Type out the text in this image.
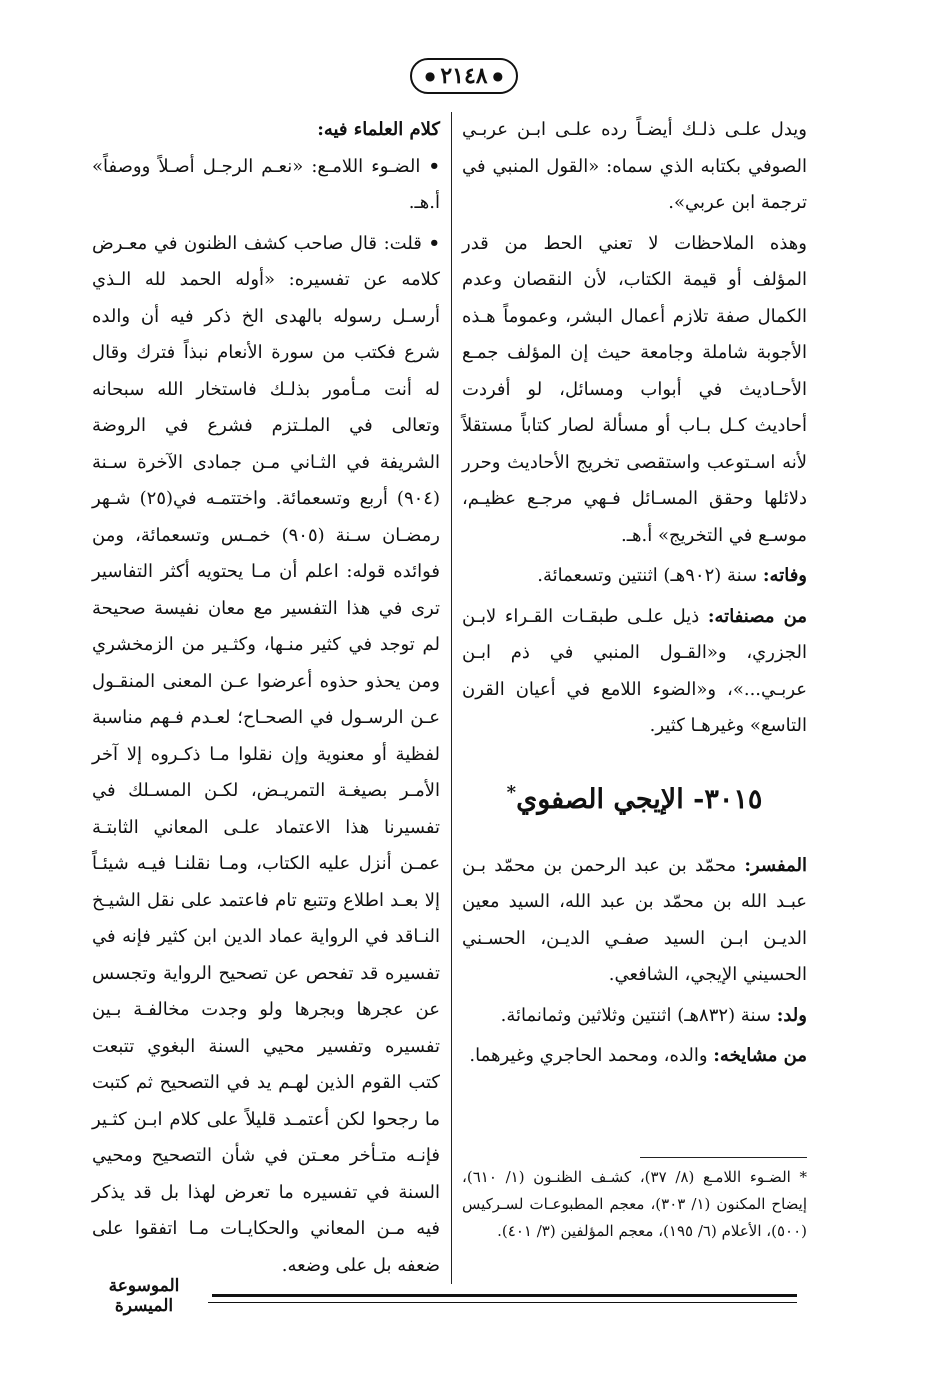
● ٢١٤٨ ●

ويدل علـى ذلـك أيضـاً رده علـى ابـن عربـي الصوفي بكتابه الذي سماه: «القول المنبي في ترجمة ابن عربي».

وهذه الملاحظات لا تعني الحط من قدر المؤلف أو قيمة الكتاب، لأن النقصان وعدم الكمال صفة تلازم أعمال البشر، وعموماً هـذه الأجوبة شاملة وجامعة حيث إن المؤلف جمـع الأحـاديث في أبواب ومسائل، لو أفردت أحاديث كـل بـاب أو مسألة لصار كتاباً مستقلاً لأنه اسـتوعب واستقصى تخريج الأحاديث وحرر دلائلها وحقق المسـائل فـهي مرجـع عظيـم، موسـع في التخريج» أ.هـ.

وفاته: سنة (٩٠٢هـ) اثنتين وتسعمائة.

من مصنفاته: ذيل علـى طبقـات القـراء لابـن الجزري، و«القـول المنبي في ذم ابـن عربـي...»، و«الضوء اللامع في أعيان القرن التاسع» وغيرهـا كثير.

٣٠١٥- الإيجي الصفوي*

المفسر: محمّد بن عبد الرحمن بن محمّد بـن عبـد الله بن محمّد بن عبد الله، السيد معين الديـن ابـن السيد صفـي الديـن، الحسـني الحسيني الإيجي، الشافعي.

ولد: سنة (٨٣٢هـ) اثنتين وثلاثين وثمانمائة.

من مشايخه: والده، ومحمد الحاجري وغيرهما.

كلام العلماء فيه:

• الضـوء اللامـع: «نعـم الرجـل أصـلاً ووصفاً» أ.هـ.

• قلت: قال صاحب كشف الظنون في معـرض كلامه عن تفسيره: «أوله الحمد لله الـذي أرسـل رسوله بالهدى الخ ذكر فيه أن والده شرع فكتب من سورة الأنعام نبذاً فترك وقال له أنت مـأمور بذلـك فاستخار الله سبحانه وتعالى في الملـتزم فشرع في الروضة الشريفة في الثـاني مـن جمادى الآخرة سـنة (٩٠٤) أربع وتسعمائة. واختتمـه في(٢٥) شـهر رمضـان سـنة (٩٠٥) خمـس وتسعمائة، ومن فوائده قوله: اعلم أن مـا يحتويه أكثر التفاسير ترى في هذا التفسير مع معان نفيسة صحيحة لم توجد في كثير منـها، وكثـير من الزمخشري ومن يحذو حذوه أعرضوا عـن المعنى المنقـول عـن الرسـول في الصحـاح؛ لعـدم فـهم مناسبة لفظية أو معنوية وإن نقلوا مـا ذكـروه إلا آخر الأمـر بصيغـة التمريـض، لكـن المسـلك في تفسيرنا هذا الاعتماد علـى المعاني الثابتـة عمـن أنزل عليه الكتاب، ومـا نقلنـا فيـه شيئـاً إلا بعـد اطلاع وتتبع تام فاعتمد على نقل الشيـخ النـاقد في الرواية عماد الدين ابن كثير فإنه في تفسيره قد تفحص عن تصحيح الرواية وتجسس عن عجرها وبجرها ولو وجدت مخالفـة بـين تفسيره وتفسير محيي السنة البغوي تتبعت كتب القوم الذين لهـم يد في التصحيح ثم كتبت ما رجحوا لكن أعتمـد قليلاً على كلام ابـن كثـير فإنـه متـأخر معـتن في شأن التصحيح ومحيي السنة في تفسيره ما تعرض لهذا بل قد يذكر فيه مـن المعاني والحكايـات مـا اتفقوا على ضعفه بل على وضعه.

* الضـوء اللامـع (٨/ ٣٧)، كشـف الظنـون (١/ ٦١٠)، إيضاح المكنون (١/ ٣٠٣)، معجم المطبوعـات لسـركيس (٥٠٠)، الأعلام (٦/ ١٩٥)، معجم المؤلفين (٣/ ٤٠١).

الموسوعة الميسرة
